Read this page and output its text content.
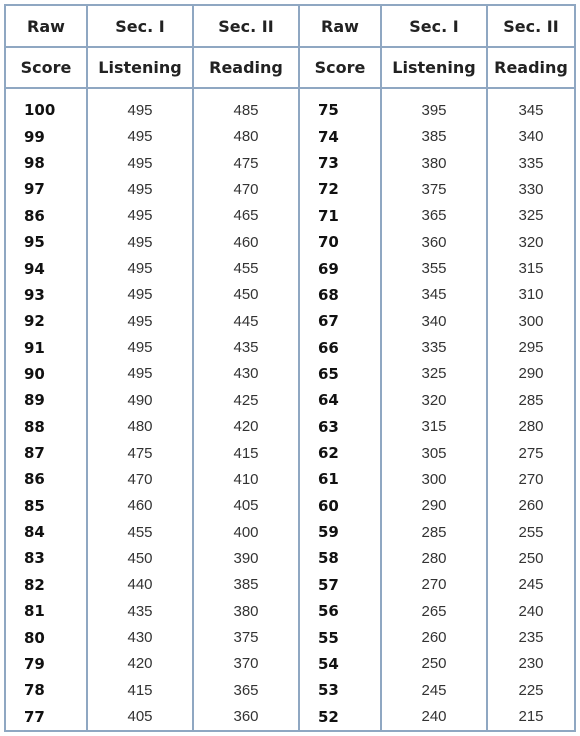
Raw	Sec. I	Sec. II	Raw	Sec. I	Sec. II
Score	Listening	Reading	Score	Listening	Reading

100	495	485	75	395	345
99	495	480	74	385	340
98	495	475	73	380	335
97	495	470	72	375	330
86	495	465	71	365	325
95	495	460	70	360	320
94	495	455	69	355	315
93	495	450	68	345	310
92	495	445	67	340	300
91	495	435	66	335	295
90	495	430	65	325	290
89	490	425	64	320	285
88	480	420	63	315	280
87	475	415	62	305	275
86	470	410	61	300	270
85	460	405	60	290	260
84	455	400	59	285	255
83	450	390	58	280	250
82	440	385	57	270	245
81	435	380	56	265	240
80	430	375	55	260	235
79	420	370	54	250	230
78	415	365	53	245	225
77	405	360	52	240	215
